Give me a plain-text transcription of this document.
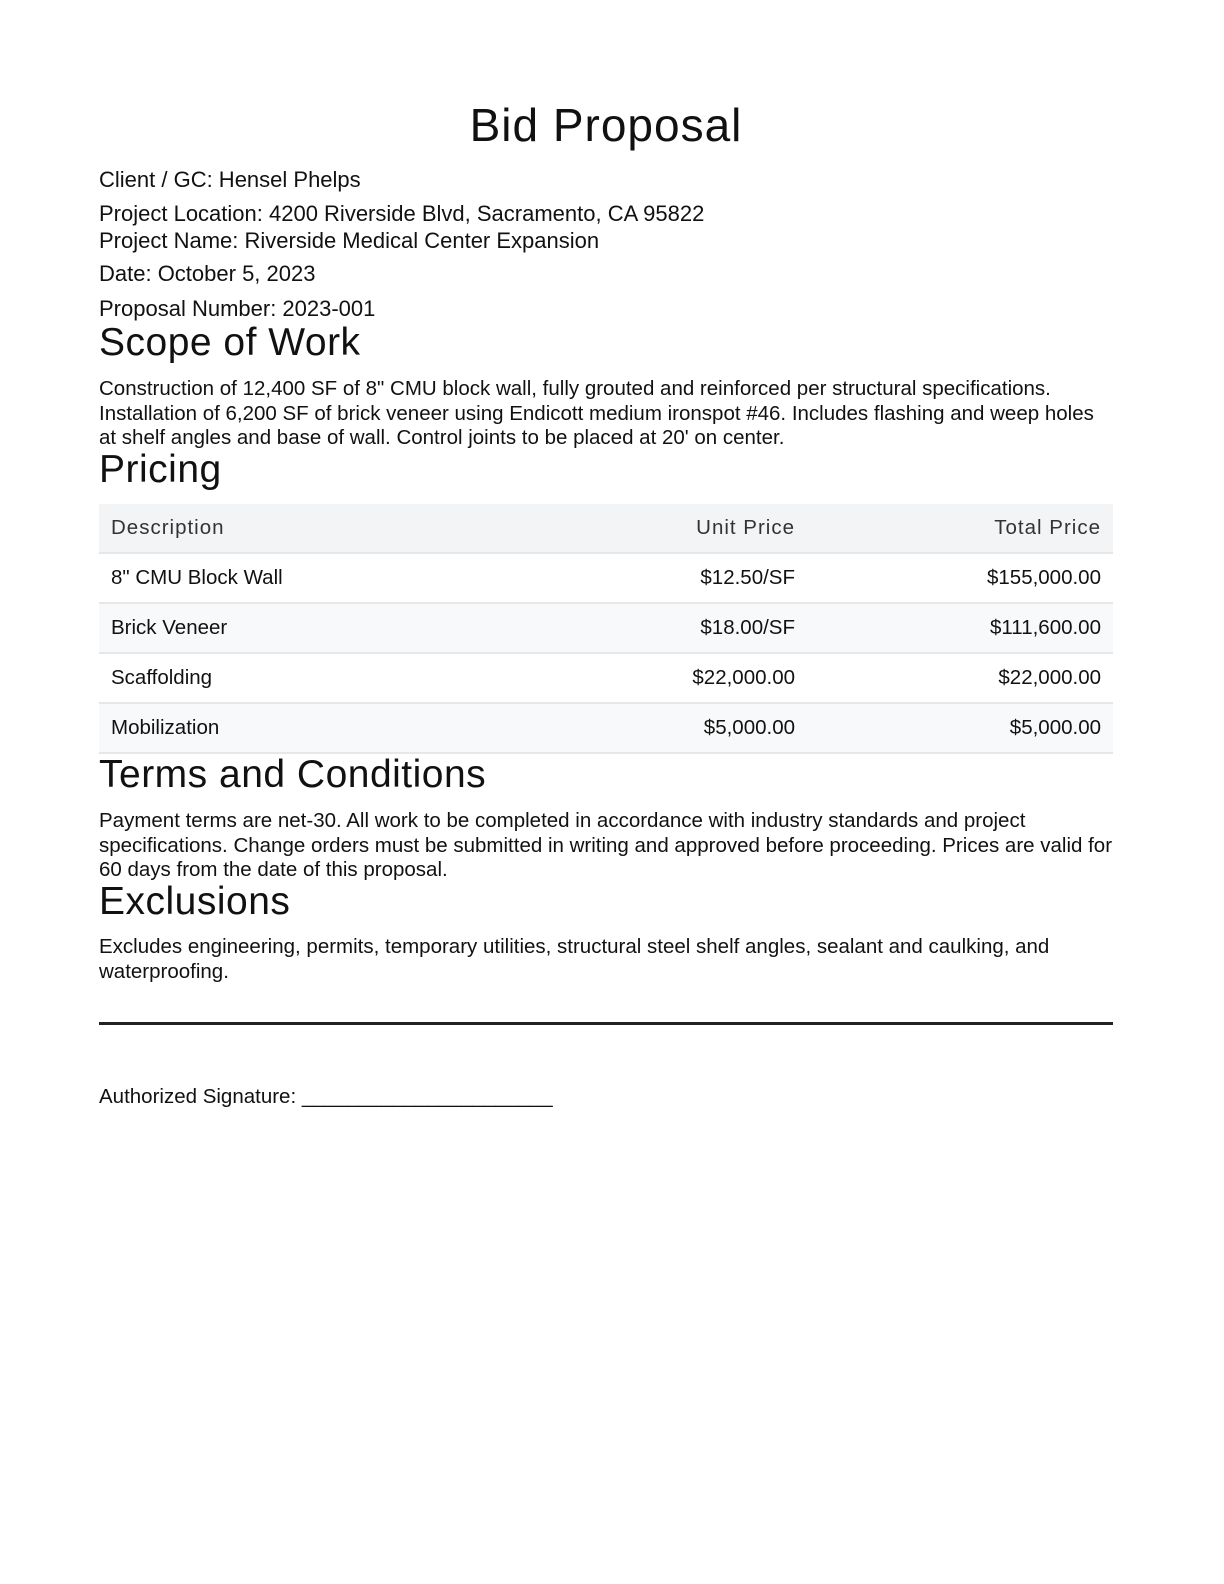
Bid Proposal

Client / GC: Hensel Phelps

Project Location: 4200 Riverside Blvd, Sacramento, CA 95822

Project Name: Riverside Medical Center Expansion

Date: October 5, 2023

Proposal Number: 2023-001

Scope of Work

Construction of 12,400 SF of 8" CMU block wall, fully grouted and reinforced per structural specifications. Installation of 6,200 SF of brick veneer using Endicott medium ironspot #46. Includes flashing and weep holes at shelf angles and base of wall. Control joints to be placed at 20' on center.

Pricing
Description	Unit Price	Total Price
8" CMU Block Wall	$12.50/SF	$155,000.00
Brick Veneer	$18.00/SF	$111,600.00
Scaffolding	$22,000.00	$22,000.00
Mobilization	$5,000.00	$5,000.00
Terms and Conditions

Payment terms are net-30. All work to be completed in accordance with industry standards and project specifications. Change orders must be submitted in writing and approved before proceeding. Prices are valid for 60 days from the date of this proposal.

Exclusions

Excludes engineering, permits, temporary utilities, structural steel shelf angles, sealant and caulking, and waterproofing.

Authorized Signature: ______________________
